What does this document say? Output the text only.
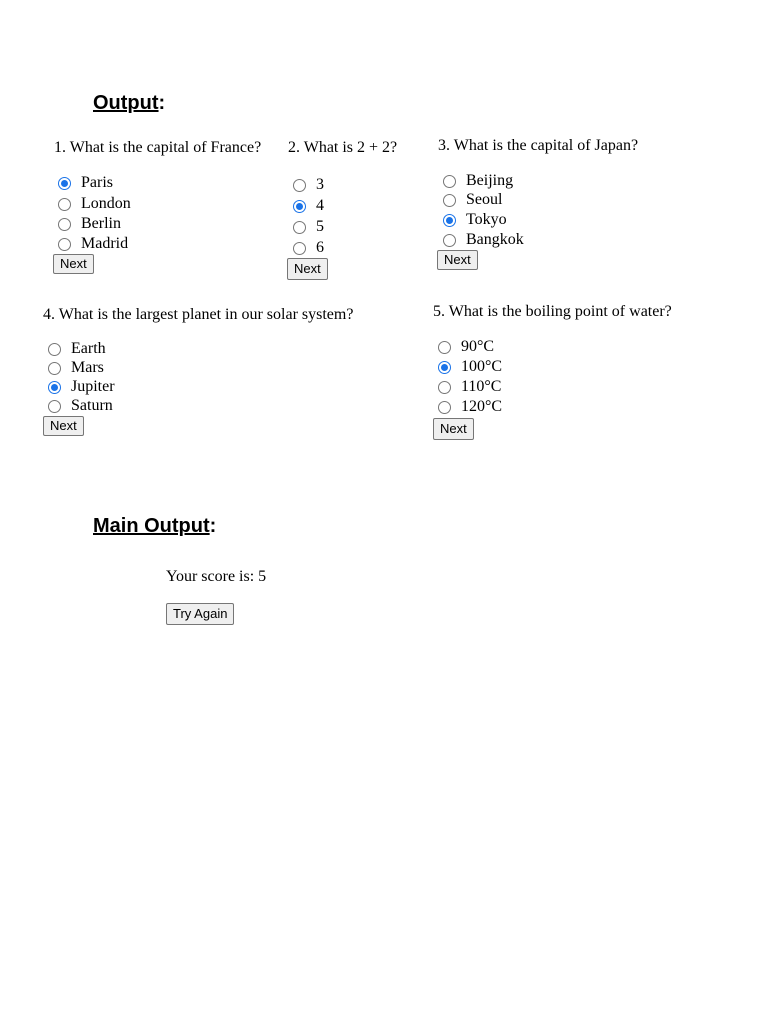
Output:
1. What is the capital of France?
Paris
London
Berlin
Madrid
Next
2. What is 2 + 2?
3
4
5
6
Next
3. What is the capital of Japan?
Beijing
Seoul
Tokyo
Bangkok
Next
4. What is the largest planet in our solar system?
Earth
Mars
Jupiter
Saturn
Next
5. What is the boiling point of water?
90°C
100°C
110°C
120°C
Next
Main Output:
Your score is: 5
Try Again
